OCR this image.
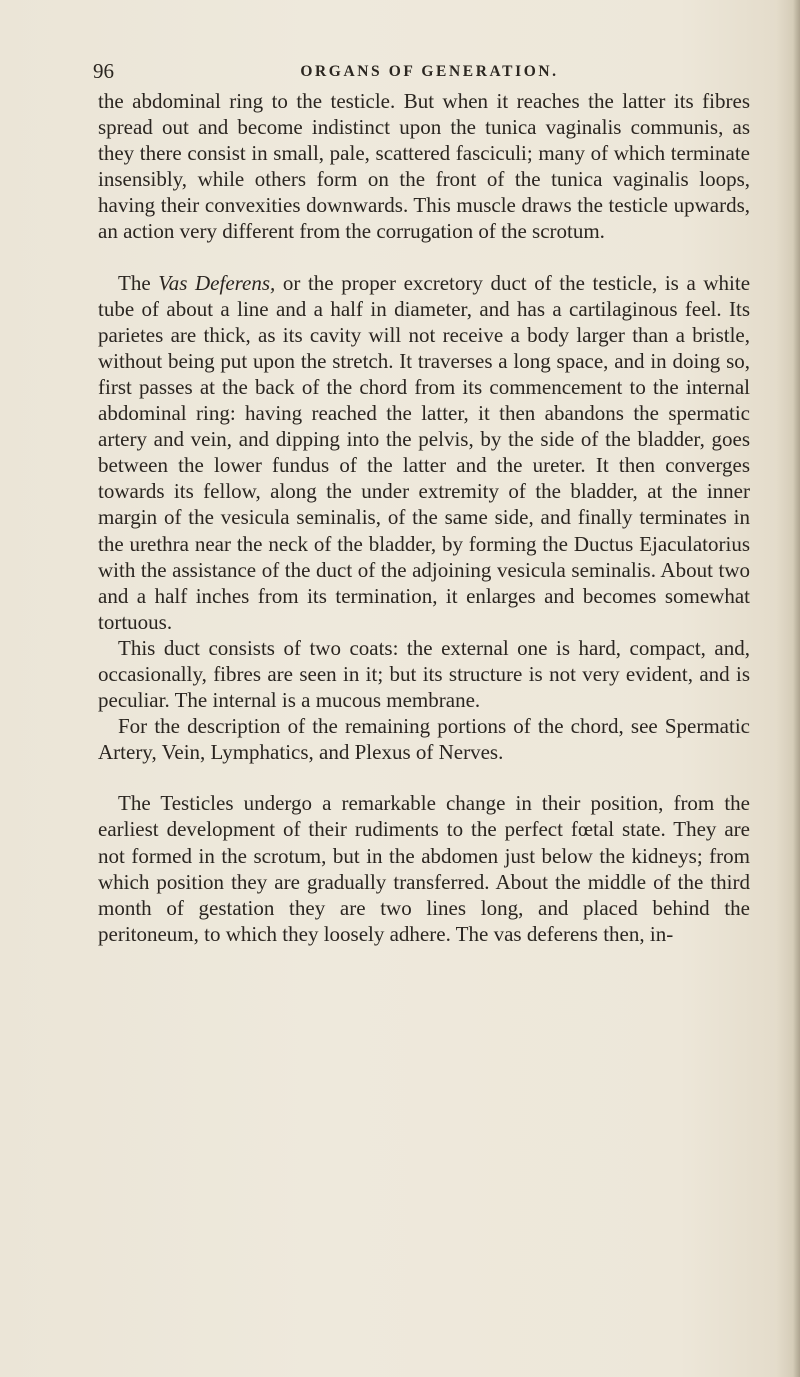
96	ORGANS OF GENERATION.

the abdominal ring to the testicle. But when it reaches the latter its fibres spread out and become indistinct upon the tunica vaginalis communis, as they there consist in small, pale, scattered fasciculi; many of which terminate insensibly, while others form on the front of the tunica vaginalis loops, having their convexities downwards. This muscle draws the testicle upwards, an action very different from the corrugation of the scrotum.

The Vas Deferens, or the proper excretory duct of the testicle, is a white tube of about a line and a half in diameter, and has a cartilaginous feel. Its parietes are thick, as its cavity will not receive a body larger than a bristle, without being put upon the stretch. It traverses a long space, and in doing so, first passes at the back of the chord from its commencement to the internal abdominal ring: having reached the latter, it then abandons the spermatic artery and vein, and dipping into the pelvis, by the side of the bladder, goes between the lower fundus of the latter and the ureter. It then converges towards its fellow, along the under extremity of the bladder, at the inner margin of the vesicula seminalis, of the same side, and finally terminates in the urethra near the neck of the bladder, by forming the Ductus Ejaculatorius with the assistance of the duct of the adjoining vesicula seminalis. About two and a half inches from its termination, it enlarges and becomes somewhat tortuous.

This duct consists of two coats: the external one is hard, compact, and, occasionally, fibres are seen in it; but its structure is not very evident, and is peculiar. The internal is a mucous membrane.

For the description of the remaining portions of the chord, see Spermatic Artery, Vein, Lymphatics, and Plexus of Nerves.

The Testicles undergo a remarkable change in their position, from the earliest development of their rudiments to the perfect fœtal state. They are not formed in the scrotum, but in the abdomen just below the kidneys; from which position they are gradually transferred. About the middle of the third month of gestation they are two lines long, and placed behind the peritoneum, to which they loosely adhere. The vas deferens then, in-
